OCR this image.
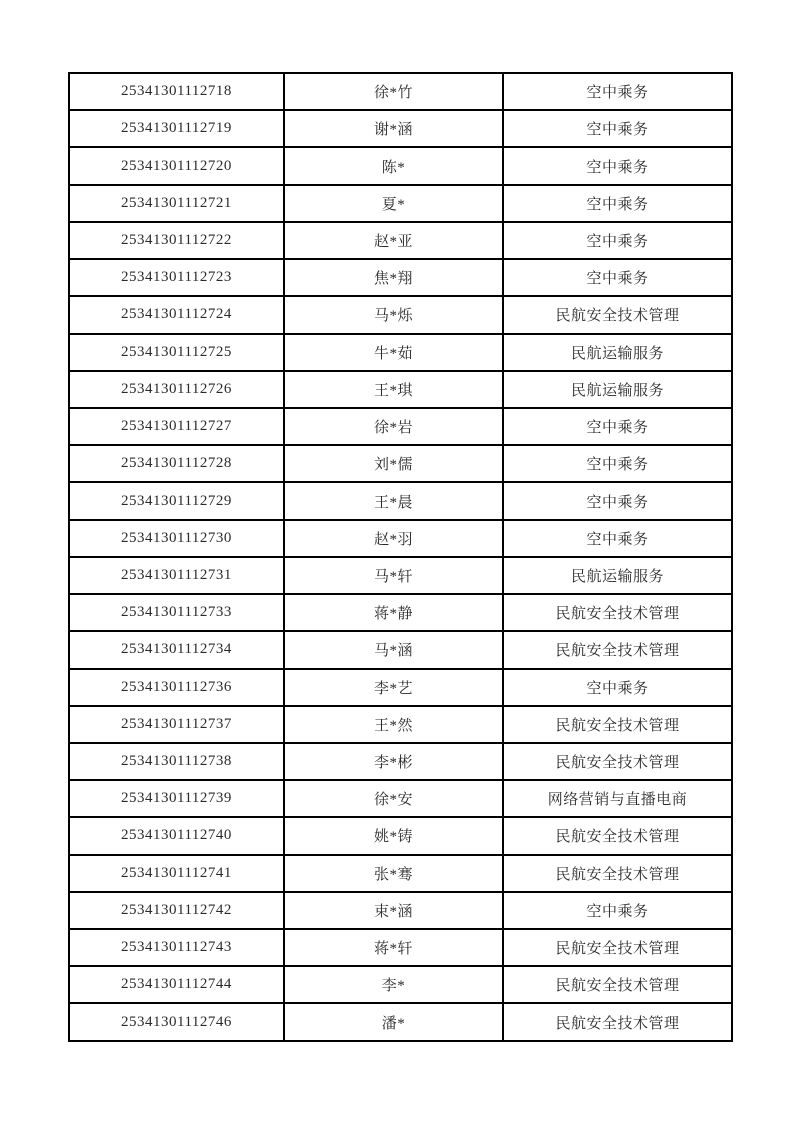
25341301112718	徐*竹	空中乘务
25341301112719	谢*涵	空中乘务
25341301112720	陈*	空中乘务
25341301112721	夏*	空中乘务
25341301112722	赵*亚	空中乘务
25341301112723	焦*翔	空中乘务
25341301112724	马*烁	民航安全技术管理
25341301112725	牛*茹	民航运输服务
25341301112726	王*琪	民航运输服务
25341301112727	徐*岩	空中乘务
25341301112728	刘*儒	空中乘务
25341301112729	王*晨	空中乘务
25341301112730	赵*羽	空中乘务
25341301112731	马*轩	民航运输服务
25341301112733	蒋*静	民航安全技术管理
25341301112734	马*涵	民航安全技术管理
25341301112736	李*艺	空中乘务
25341301112737	王*然	民航安全技术管理
25341301112738	李*彬	民航安全技术管理
25341301112739	徐*安	网络营销与直播电商
25341301112740	姚*铸	民航安全技术管理
25341301112741	张*骞	民航安全技术管理
25341301112742	束*涵	空中乘务
25341301112743	蒋*轩	民航安全技术管理
25341301112744	李*	民航安全技术管理
25341301112746	潘*	民航安全技术管理
